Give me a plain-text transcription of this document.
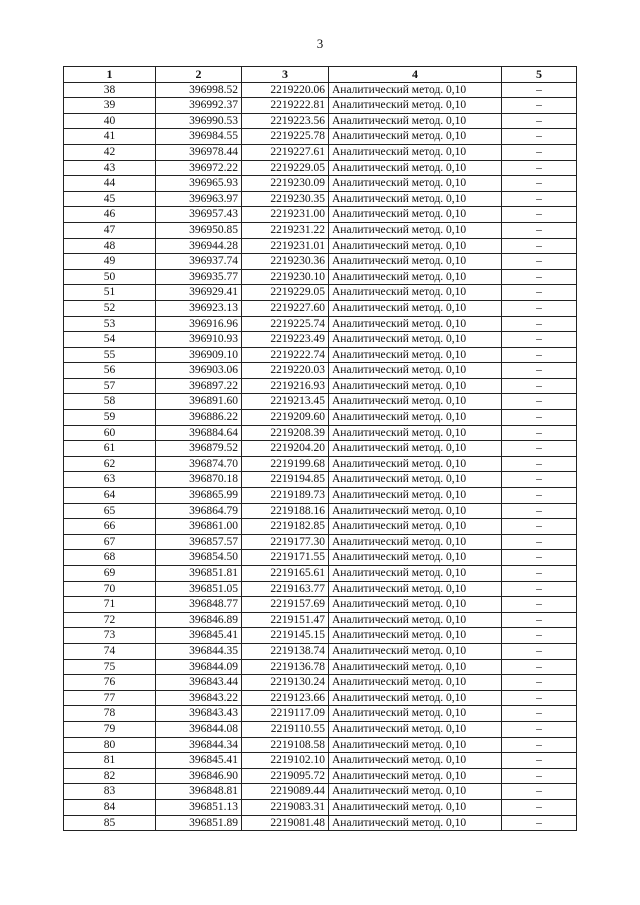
3
1	2	3	4	5
38	396998.52	2219220.06	Аналитический метод. 0,10	–
39	396992.37	2219222.81	Аналитический метод. 0,10	–
40	396990.53	2219223.56	Аналитический метод. 0,10	–
41	396984.55	2219225.78	Аналитический метод. 0,10	–
42	396978.44	2219227.61	Аналитический метод. 0,10	–
43	396972.22	2219229.05	Аналитический метод. 0,10	–
44	396965.93	2219230.09	Аналитический метод. 0,10	–
45	396963.97	2219230.35	Аналитический метод. 0,10	–
46	396957.43	2219231.00	Аналитический метод. 0,10	–
47	396950.85	2219231.22	Аналитический метод. 0,10	–
48	396944.28	2219231.01	Аналитический метод. 0,10	–
49	396937.74	2219230.36	Аналитический метод. 0,10	–
50	396935.77	2219230.10	Аналитический метод. 0,10	–
51	396929.41	2219229.05	Аналитический метод. 0,10	–
52	396923.13	2219227.60	Аналитический метод. 0,10	–
53	396916.96	2219225.74	Аналитический метод. 0,10	–
54	396910.93	2219223.49	Аналитический метод. 0,10	–
55	396909.10	2219222.74	Аналитический метод. 0,10	–
56	396903.06	2219220.03	Аналитический метод. 0,10	–
57	396897.22	2219216.93	Аналитический метод. 0,10	–
58	396891.60	2219213.45	Аналитический метод. 0,10	–
59	396886.22	2219209.60	Аналитический метод. 0,10	–
60	396884.64	2219208.39	Аналитический метод. 0,10	–
61	396879.52	2219204.20	Аналитический метод. 0,10	–
62	396874.70	2219199.68	Аналитический метод. 0,10	–
63	396870.18	2219194.85	Аналитический метод. 0,10	–
64	396865.99	2219189.73	Аналитический метод. 0,10	–
65	396864.79	2219188.16	Аналитический метод. 0,10	–
66	396861.00	2219182.85	Аналитический метод. 0,10	–
67	396857.57	2219177.30	Аналитический метод. 0,10	–
68	396854.50	2219171.55	Аналитический метод. 0,10	–
69	396851.81	2219165.61	Аналитический метод. 0,10	–
70	396851.05	2219163.77	Аналитический метод. 0,10	–
71	396848.77	2219157.69	Аналитический метод. 0,10	–
72	396846.89	2219151.47	Аналитический метод. 0,10	–
73	396845.41	2219145.15	Аналитический метод. 0,10	–
74	396844.35	2219138.74	Аналитический метод. 0,10	–
75	396844.09	2219136.78	Аналитический метод. 0,10	–
76	396843.44	2219130.24	Аналитический метод. 0,10	–
77	396843.22	2219123.66	Аналитический метод. 0,10	–
78	396843.43	2219117.09	Аналитический метод. 0,10	–
79	396844.08	2219110.55	Аналитический метод. 0,10	–
80	396844.34	2219108.58	Аналитический метод. 0,10	–
81	396845.41	2219102.10	Аналитический метод. 0,10	–
82	396846.90	2219095.72	Аналитический метод. 0,10	–
83	396848.81	2219089.44	Аналитический метод. 0,10	–
84	396851.13	2219083.31	Аналитический метод. 0,10	–
85	396851.89	2219081.48	Аналитический метод. 0,10	–
